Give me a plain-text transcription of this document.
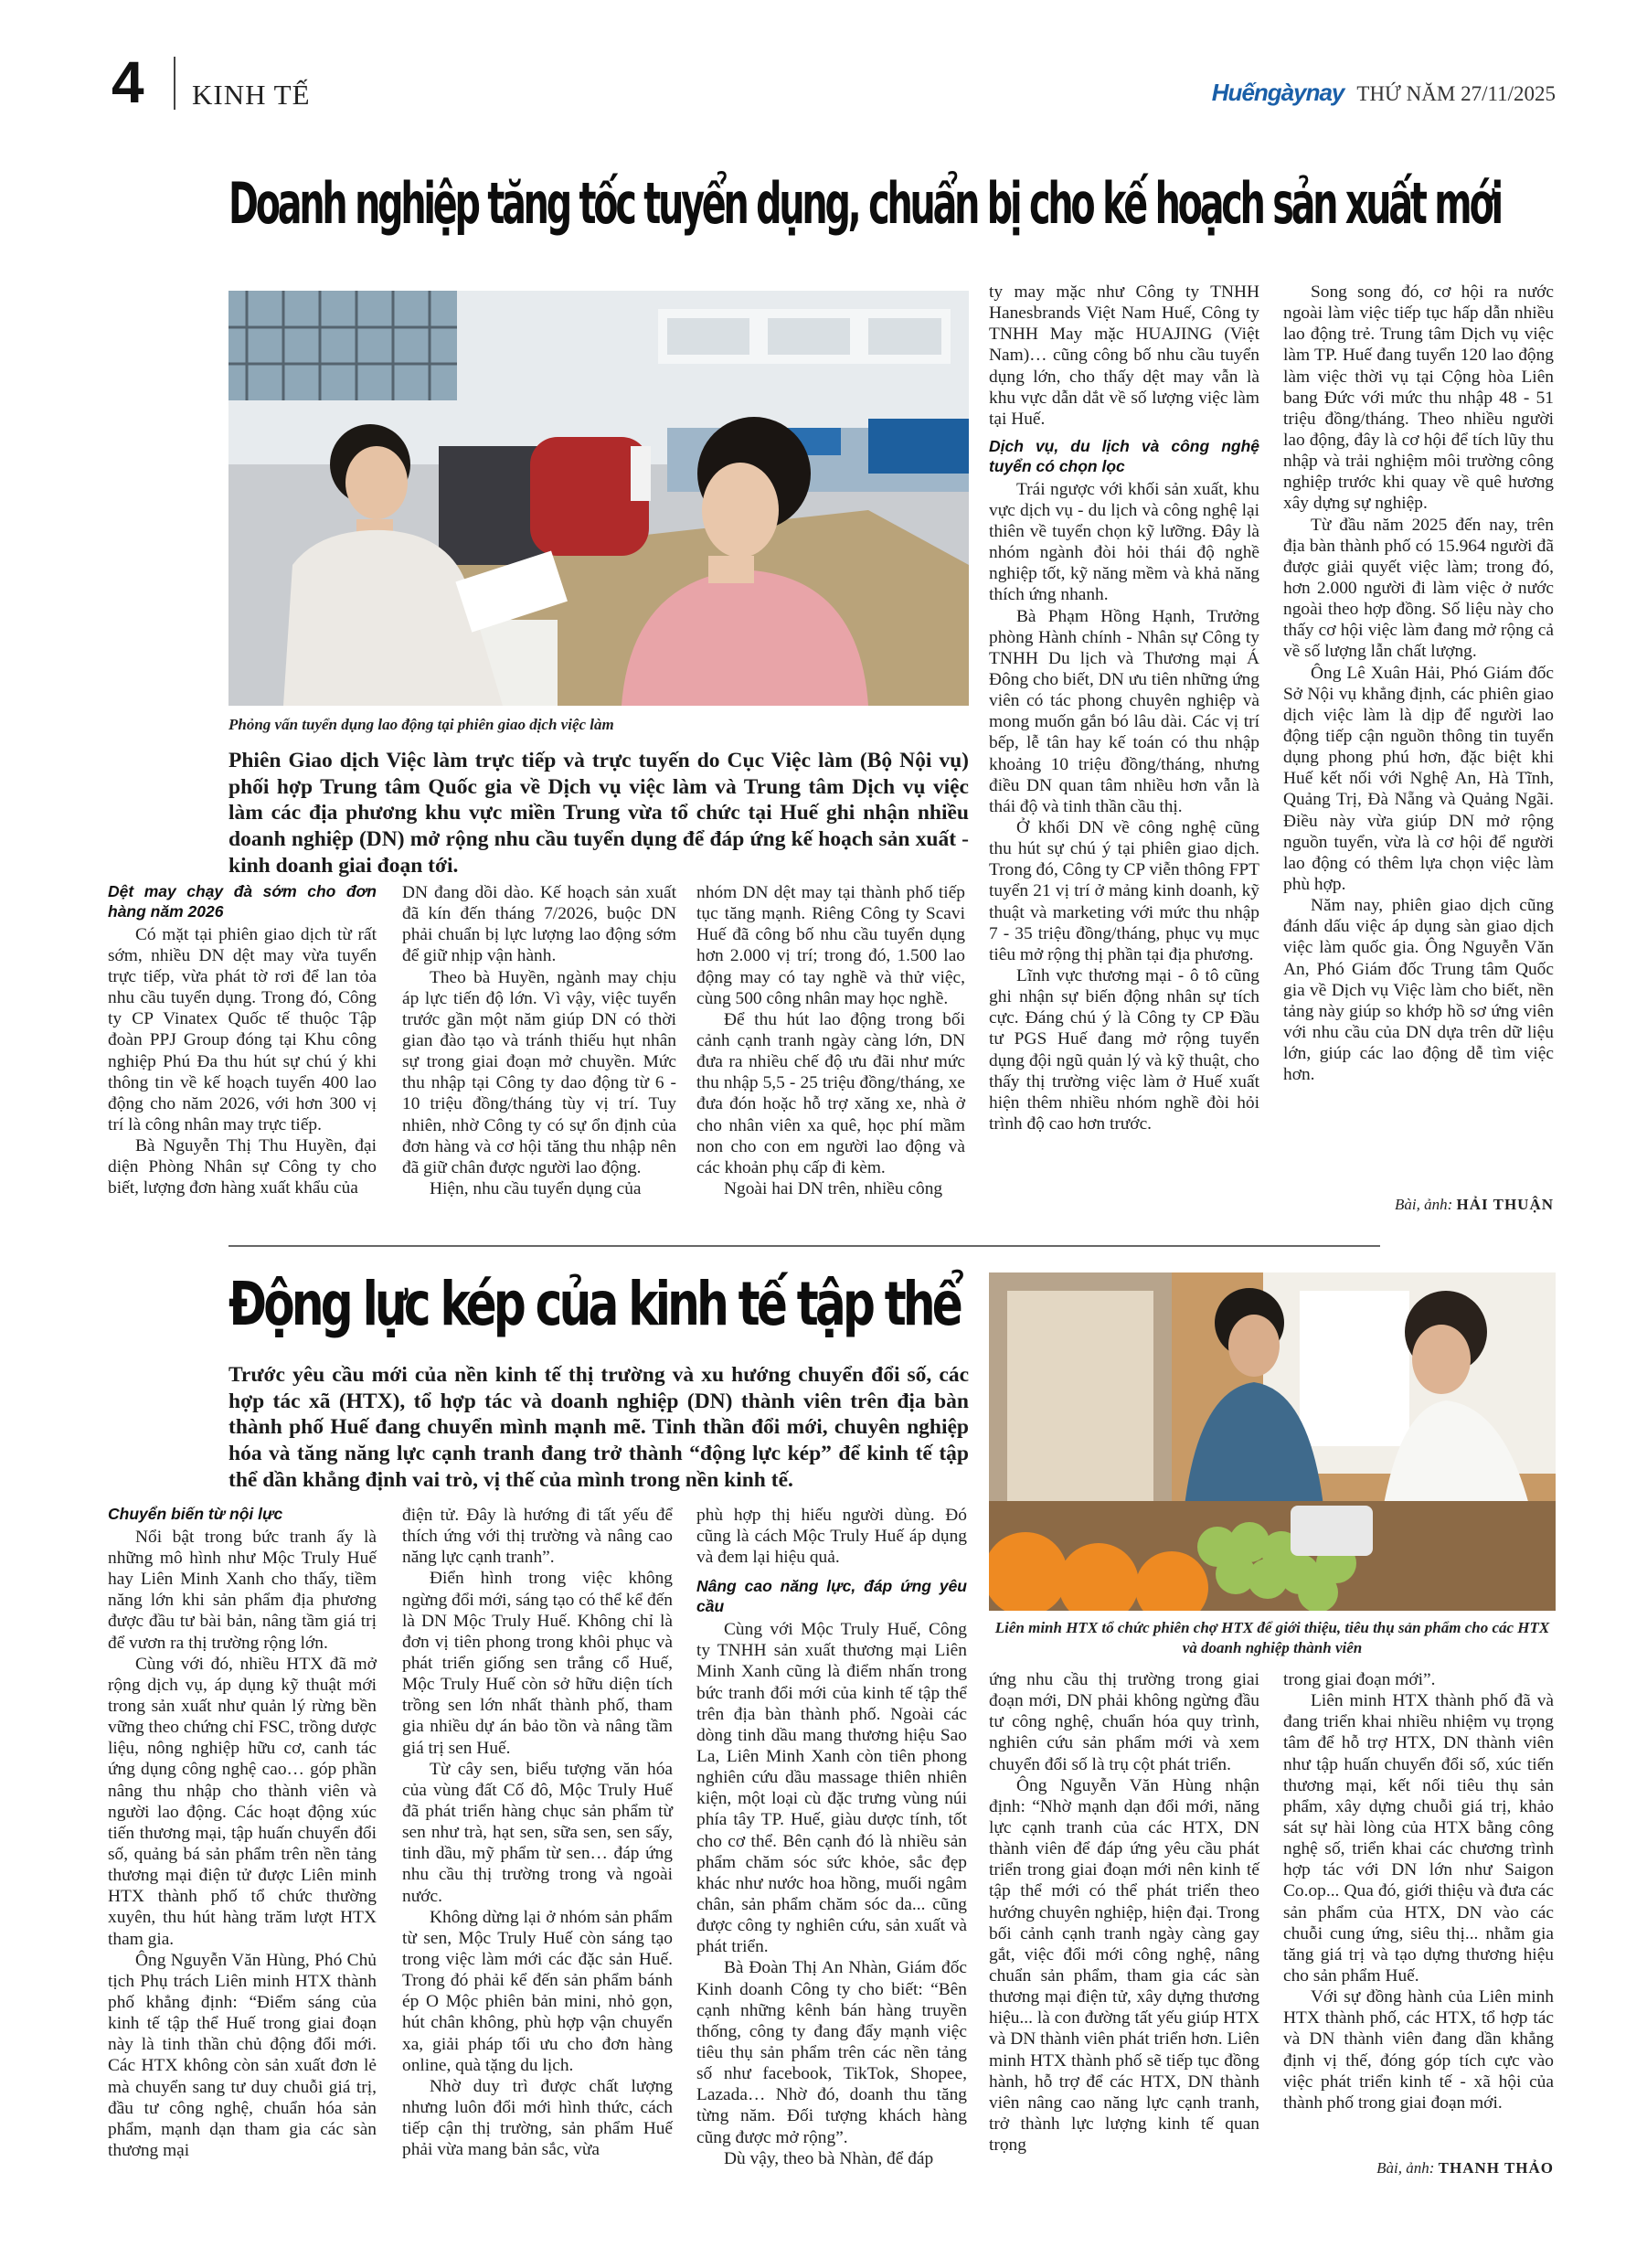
4 KINH TẾ	Huếngàynay THỨ NĂM 27/11/2025
Doanh nghiệp tăng tốc tuyển dụng, chuẩn bị cho kế hoạch sản xuất mới
Phỏng vấn tuyển dụng lao động tại phiên giao dịch việc làm
Phiên Giao dịch Việc làm trực tiếp và trực tuyến do Cục Việc làm (Bộ Nội vụ) phối hợp Trung tâm Quốc gia về Dịch vụ việc làm và Trung tâm Dịch vụ việc làm các địa phương khu vực miền Trung vừa tổ chức tại Huế ghi nhận nhiều doanh nghiệp (DN) mở rộng nhu cầu tuyển dụng để đáp ứng kế hoạch sản xuất - kinh doanh giai đoạn tới.

Dệt may chạy đà sớm cho đơn hàng năm 2026

Có mặt tại phiên giao dịch từ rất sớm, nhiều DN dệt may vừa tuyển trực tiếp, vừa phát tờ rơi để lan tỏa nhu cầu tuyển dụng. Trong đó, Công ty CP Vinatex Quốc tế thuộc Tập đoàn PPJ Group đóng tại Khu công nghiệp Phú Đa thu hút sự chú ý khi thông tin về kế hoạch tuyển 400 lao động cho năm 2026, với hơn 300 vị trí là công nhân may trực tiếp.

Bà Nguyễn Thị Thu Huyền, đại diện Phòng Nhân sự Công ty cho biết, lượng đơn hàng xuất khẩu của

DN đang dồi dào. Kế hoạch sản xuất đã kín đến tháng 7/2026, buộc DN phải chuẩn bị lực lượng lao động sớm để giữ nhịp vận hành.

Theo bà Huyền, ngành may chịu áp lực tiến độ lớn. Vì vậy, việc tuyển trước gần một năm giúp DN có thời gian đào tạo và tránh thiếu hụt nhân sự trong giai đoạn mở chuyền. Mức thu nhập tại Công ty dao động từ 6 - 10 triệu đồng/tháng tùy vị trí. Tuy nhiên, nhờ Công ty có sự ổn định của đơn hàng và cơ hội tăng thu nhập nên đã giữ chân được người lao động.

Hiện, nhu cầu tuyển dụng của

nhóm DN dệt may tại thành phố tiếp tục tăng mạnh. Riêng Công ty Scavi Huế đã công bố nhu cầu tuyển dụng hơn 2.000 vị trí; trong đó, 1.500 lao động may có tay nghề và thử việc, cùng 500 công nhân may học nghề.

Để thu hút lao động trong bối cảnh cạnh tranh ngày càng lớn, DN đưa ra nhiều chế độ ưu đãi như mức thu nhập 5,5 - 25 triệu đồng/tháng, xe đưa đón hoặc hỗ trợ xăng xe, nhà ở cho nhân viên xa quê, học phí mầm non cho con em người lao động và các khoản phụ cấp đi kèm.

Ngoài hai DN trên, nhiều công

ty may mặc như Công ty TNHH Hanesbrands Việt Nam Huế, Công ty TNHH May mặc HUAJING (Việt Nam)… cũng công bố nhu cầu tuyển dụng lớn, cho thấy dệt may vẫn là khu vực dẫn dắt về số lượng việc làm tại Huế.

Dịch vụ, du lịch và công nghệ tuyển có chọn lọc

Trái ngược với khối sản xuất, khu vực dịch vụ - du lịch và công nghệ lại thiên về tuyển chọn kỹ lưỡng. Đây là nhóm ngành đòi hỏi thái độ nghề nghiệp tốt, kỹ năng mềm và khả năng thích ứng nhanh.

Bà Phạm Hồng Hạnh, Trưởng phòng Hành chính - Nhân sự Công ty TNHH Du lịch và Thương mại Á Đông cho biết, DN ưu tiên những ứng viên có tác phong chuyên nghiệp và mong muốn gắn bó lâu dài. Các vị trí bếp, lễ tân hay kế toán có thu nhập khoảng 10 triệu đồng/tháng, nhưng điều DN quan tâm nhiều hơn vẫn là thái độ và tinh thần cầu thị.

Ở khối DN về công nghệ cũng thu hút sự chú ý tại phiên giao dịch. Trong đó, Công ty CP viễn thông FPT tuyển 21 vị trí ở mảng kinh doanh, kỹ thuật và marketing với mức thu nhập 7 - 35 triệu đồng/tháng, phục vụ mục tiêu mở rộng thị phần tại địa phương.

Lĩnh vực thương mại - ô tô cũng ghi nhận sự biến động nhân sự tích cực. Đáng chú ý là Công ty CP Đầu tư PGS Huế đang mở rộng tuyển dụng đội ngũ quản lý và kỹ thuật, cho thấy thị trường việc làm ở Huế xuất hiện thêm nhiều nhóm nghề đòi hỏi trình độ cao hơn trước.

Song song đó, cơ hội ra nước ngoài làm việc tiếp tục hấp dẫn nhiều lao động trẻ. Trung tâm Dịch vụ việc làm TP. Huế đang tuyển 120 lao động làm việc thời vụ tại Cộng hòa Liên bang Đức với mức thu nhập 48 - 51 triệu đồng/tháng. Theo nhiều người lao động, đây là cơ hội để tích lũy thu nhập và trải nghiệm môi trường công nghiệp trước khi quay về quê hương xây dựng sự nghiệp.

Từ đầu năm 2025 đến nay, trên địa bàn thành phố có 15.964 người đã được giải quyết việc làm; trong đó, hơn 2.000 người đi làm việc ở nước ngoài theo hợp đồng. Số liệu này cho thấy cơ hội việc làm đang mở rộng cả về số lượng lẫn chất lượng.

Ông Lê Xuân Hải, Phó Giám đốc Sở Nội vụ khẳng định, các phiên giao dịch việc làm là dịp để người lao động tiếp cận nguồn thông tin tuyển dụng phong phú hơn, đặc biệt khi Huế kết nối với Nghệ An, Hà Tĩnh, Quảng Trị, Đà Nẵng và Quảng Ngãi. Điều này vừa giúp DN mở rộng nguồn tuyển, vừa là cơ hội để người lao động có thêm lựa chọn việc làm phù hợp.

Năm nay, phiên giao dịch cũng đánh dấu việc áp dụng sàn giao dịch việc làm quốc gia. Ông Nguyễn Văn An, Phó Giám đốc Trung tâm Quốc gia về Dịch vụ Việc làm cho biết, nền tảng này giúp so khớp hồ sơ ứng viên với nhu cầu của DN dựa trên dữ liệu lớn, giúp các lao động dễ tìm việc hơn.

Bài, ảnh: HẢI THUẬN
Động lực kép của kinh tế tập thể
Trước yêu cầu mới của nền kinh tế thị trường và xu hướng chuyển đổi số, các hợp tác xã (HTX), tổ hợp tác và doanh nghiệp (DN) thành viên trên địa bàn thành phố Huế đang chuyển mình mạnh mẽ. Tinh thần đổi mới, chuyên nghiệp hóa và tăng năng lực cạnh tranh đang trở thành “động lực kép” để kinh tế tập thể dần khẳng định vai trò, vị thế của mình trong nền kinh tế.
Liên minh HTX tổ chức phiên chợ HTX để giới thiệu, tiêu thụ sản phẩm cho các HTX và doanh nghiệp thành viên

Chuyển biến từ nội lực

Nổi bật trong bức tranh ấy là những mô hình như Mộc Truly Huế hay Liên Minh Xanh cho thấy, tiềm năng lớn khi sản phẩm địa phương được đầu tư bài bản, nâng tầm giá trị để vươn ra thị trường rộng lớn.

Cùng với đó, nhiều HTX đã mở rộng dịch vụ, áp dụng kỹ thuật mới trong sản xuất như quản lý rừng bền vững theo chứng chỉ FSC, trồng dược liệu, nông nghiệp hữu cơ, canh tác ứng dụng công nghệ cao… góp phần nâng thu nhập cho thành viên và người lao động. Các hoạt động xúc tiến thương mại, tập huấn chuyển đổi số, quảng bá sản phẩm trên nền tảng thương mại điện tử được Liên minh HTX thành phố tổ chức thường xuyên, thu hút hàng trăm lượt HTX tham gia.

Ông Nguyễn Văn Hùng, Phó Chủ tịch Phụ trách Liên minh HTX thành phố khẳng định: “Điểm sáng của kinh tế tập thể Huế trong giai đoạn này là tinh thần chủ động đổi mới. Các HTX không còn sản xuất đơn lẻ mà chuyển sang tư duy chuỗi giá trị, đầu tư công nghệ, chuẩn hóa sản phẩm, mạnh dạn tham gia các sàn thương mại

điện tử. Đây là hướng đi tất yếu để thích ứng với thị trường và nâng cao năng lực cạnh tranh”.

Điển hình trong việc không ngừng đổi mới, sáng tạo có thể kể đến là DN Mộc Truly Huế. Không chỉ là đơn vị tiên phong trong khôi phục và phát triển giống sen trắng cổ Huế, Mộc Truly Huế còn sở hữu diện tích trồng sen lớn nhất thành phố, tham gia nhiều dự án bảo tồn và nâng tầm giá trị sen Huế.

Từ cây sen, biểu tượng văn hóa của vùng đất Cố đô, Mộc Truly Huế đã phát triển hàng chục sản phẩm từ sen như trà, hạt sen, sữa sen, sen sấy, tinh dầu, mỹ phẩm từ sen… đáp ứng nhu cầu thị trường trong và ngoài nước.

Không dừng lại ở nhóm sản phẩm từ sen, Mộc Truly Huế còn sáng tạo trong việc làm mới các đặc sản Huế. Trong đó phải kể đến sản phẩm bánh ép O Mộc phiên bản mini, nhỏ gọn, hút chân không, phù hợp vận chuyển xa, giải pháp tối ưu cho đơn hàng online, quà tặng du lịch.

Nhờ duy trì được chất lượng nhưng luôn đổi mới hình thức, cách tiếp cận thị trường, sản phẩm Huế phải vừa mang bản sắc, vừa

phù hợp thị hiếu người dùng. Đó cũng là cách Mộc Truly Huế áp dụng và đem lại hiệu quả.

Nâng cao năng lực, đáp ứng yêu cầu

Cùng với Mộc Truly Huế, Công ty TNHH sản xuất thương mại Liên Minh Xanh cũng là điểm nhấn trong bức tranh đổi mới của kinh tế tập thể trên địa bàn thành phố. Ngoài các dòng tinh dầu mang thương hiệu Sao La, Liên Minh Xanh còn tiên phong nghiên cứu dầu massage thiên nhiên kiện, một loại cù đặc trưng vùng núi phía tây TP. Huế, giàu dược tính, tốt cho cơ thể. Bên cạnh đó là nhiều sản phẩm chăm sóc sức khỏe, sắc đẹp khác như nước hoa hồng, muối ngâm chân, sản phẩm chăm sóc da... cũng được công ty nghiên cứu, sản xuất và phát triển.

Bà Đoàn Thị An Nhàn, Giám đốc Kinh doanh Công ty cho biết: “Bên cạnh những kênh bán hàng truyền thống, công ty đang đẩy mạnh việc tiêu thụ sản phẩm trên các nền tảng số như facebook, TikTok, Shopee, Lazada… Nhờ đó, doanh thu tăng từng năm. Đối tượng khách hàng cũng được mở rộng”.

Dù vậy, theo bà Nhàn, để đáp

ứng nhu cầu thị trường trong giai đoạn mới, DN phải không ngừng đầu tư công nghệ, chuẩn hóa quy trình, nghiên cứu sản phẩm mới và xem chuyển đổi số là trụ cột phát triển.

Ông Nguyễn Văn Hùng nhận định: “Nhờ mạnh dạn đổi mới, năng lực cạnh tranh của các HTX, DN thành viên để đáp ứng yêu cầu phát triển trong giai đoạn mới nên kinh tế tập thể mới có thể phát triển theo hướng chuyên nghiệp, hiện đại. Trong bối cảnh cạnh tranh ngày càng gay gắt, việc đổi mới công nghệ, nâng chuẩn sản phẩm, tham gia các sàn thương mại điện tử, xây dựng thương hiệu... là con đường tất yếu giúp HTX và DN thành viên phát triển hơn. Liên minh HTX thành phố sẽ tiếp tục đồng hành, hỗ trợ để các HTX, DN thành viên nâng cao năng lực cạnh tranh, trở thành lực lượng kinh tế quan trọng

trong giai đoạn mới”.

Liên minh HTX thành phố đã và đang triển khai nhiều nhiệm vụ trọng tâm để hỗ trợ HTX, DN thành viên như tập huấn chuyển đổi số, xúc tiến thương mại, kết nối tiêu thụ sản phẩm, xây dựng chuỗi giá trị, khảo sát sự hài lòng của HTX bằng công nghệ số, triển khai các chương trình hợp tác với DN lớn như Saigon Co.op... Qua đó, giới thiệu và đưa các sản phẩm của HTX, DN vào các chuỗi cung ứng, siêu thị... nhằm gia tăng giá trị và tạo dựng thương hiệu cho sản phẩm Huế.

Với sự đồng hành của Liên minh HTX thành phố, các HTX, tổ hợp tác và DN thành viên đang dần khẳng định vị thế, đóng góp tích cực vào việc phát triển kinh tế - xã hội của thành phố trong giai đoạn mới.

Bài, ảnh: THANH THẢO
